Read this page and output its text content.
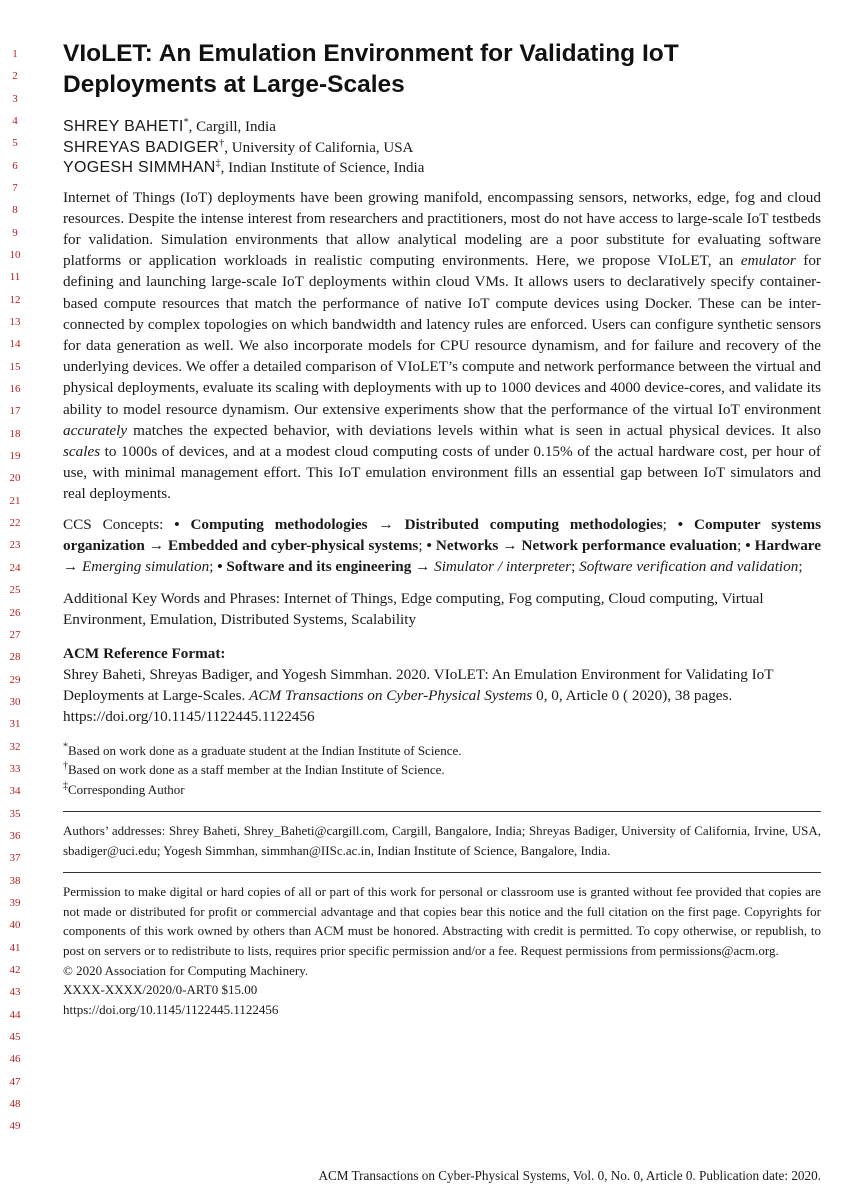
1
2
3
4
5
6
7
8
9
10
11
12
13
14
15
16
17
18
19
20
21
22
23
24
25
26
27
28
29
30
31
32
33
34
35
36
37
38
39
40
41
42
43
44
45
46
47
48
49
VIoLET: An Emulation Environment for Validating IoT Deployments at Large-Scales

SHREY BAHETI*, Cargill, India

SHREYAS BADIGER†, University of California, USA

YOGESH SIMMHAN‡, Indian Institute of Science, India

Internet of Things (IoT) deployments have been growing manifold, encompassing sensors, networks, edge, fog and cloud resources. Despite the intense interest from researchers and practitioners, most do not have access to large-scale IoT testbeds for validation. Simulation environments that allow analytical modeling are a poor substitute for evaluating software platforms or application workloads in realistic computing environments. Here, we propose VIoLET, an emulator for defining and launching large-scale IoT deployments within cloud VMs. It allows users to declaratively specify container-based compute resources that match the performance of native IoT compute devices using Docker. These can be inter-connected by complex topologies on which bandwidth and latency rules are enforced. Users can configure synthetic sensors for data generation as well. We also incorporate models for CPU resource dynamism, and for failure and recovery of the underlying devices. We offer a detailed comparison of VIoLET’s compute and network performance between the virtual and physical deployments, evaluate its scaling with deployments with up to 1000 devices and 4000 device-cores, and validate its ability to model resource dynamism. Our extensive experiments show that the performance of the virtual IoT environment accurately matches the expected behavior, with deviations levels within what is seen in actual physical devices. It also scales to 1000s of devices, and at a modest cloud computing costs of under 0.15% of the actual hardware cost, per hour of use, with minimal management effort. This IoT emulation environment fills an essential gap between IoT simulators and real deployments.

CCS Concepts: • Computing methodologies → Distributed computing methodologies; • Computer systems organization → Embedded and cyber-physical systems; • Networks → Network performance evaluation; • Hardware → Emerging simulation; • Software and its engineering → Simulator / interpreter; Software verification and validation;

Additional Key Words and Phrases: Internet of Things, Edge computing, Fog computing, Cloud computing, Virtual Environment, Emulation, Distributed Systems, Scalability

ACM Reference Format:

Shrey Baheti, Shreyas Badiger, and Yogesh Simmhan. 2020. VIoLET: An Emulation Environment for Validating IoT Deployments at Large-Scales. ACM Transactions on Cyber-Physical Systems 0, 0, Article 0 ( 2020), 38 pages. https://doi.org/10.1145/1122445.1122456

*Based on work done as a graduate student at the Indian Institute of Science.

†Based on work done as a staff member at the Indian Institute of Science.

‡Corresponding Author

Authors’ addresses: Shrey Baheti, Shrey_Baheti@cargill.com, Cargill, Bangalore, India; Shreyas Badiger, University of California, Irvine, USA, sbadiger@uci.edu; Yogesh Simmhan, simmhan@IISc.ac.in, Indian Institute of Science, Bangalore, India.

Permission to make digital or hard copies of all or part of this work for personal or classroom use is granted without fee provided that copies are not made or distributed for profit or commercial advantage and that copies bear this notice and the full citation on the first page. Copyrights for components of this work owned by others than ACM must be honored. Abstracting with credit is permitted. To copy otherwise, or republish, to post on servers or to redistribute to lists, requires prior specific permission and/or a fee. Request permissions from permissions@acm.org.

© 2020 Association for Computing Machinery.

XXXX-XXXX/2020/0-ART0 $15.00

https://doi.org/10.1145/1122445.1122456

ACM Transactions on Cyber-Physical Systems, Vol. 0, No. 0, Article 0. Publication date: 2020.
